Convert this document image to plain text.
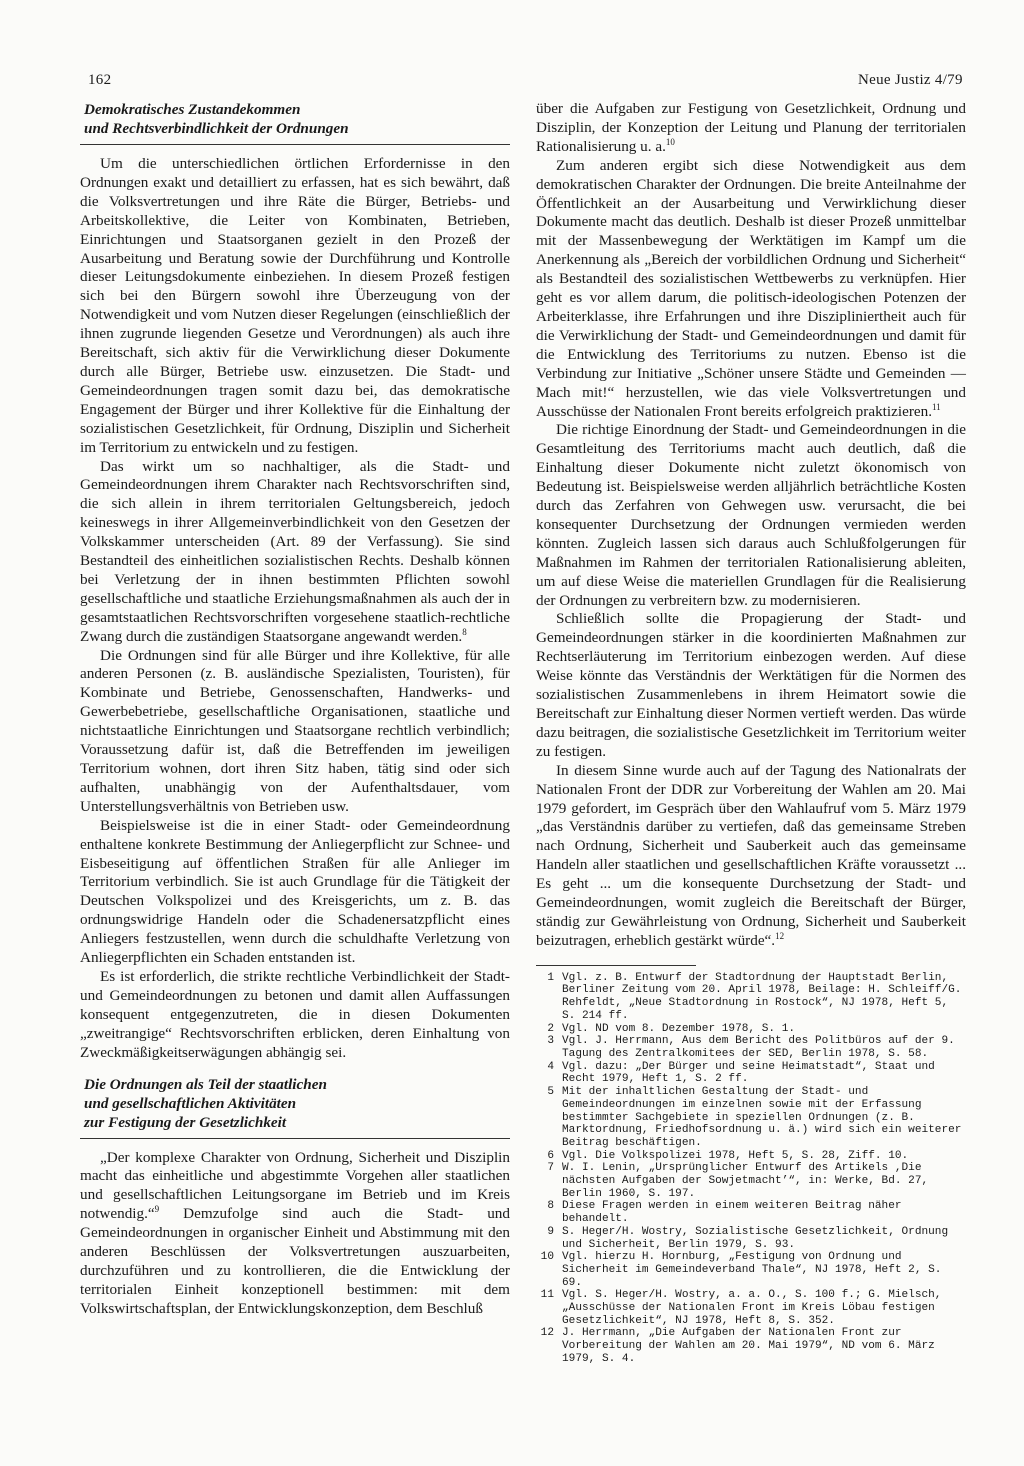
162	Neue Justiz 4/79
Demokratisches Zustandekommen
und Rechtsverbindlichkeit der Ordnungen

Um die unterschiedlichen örtlichen Erfordernisse in den Ordnungen exakt und detailliert zu erfassen, hat es sich bewährt, daß die Volksvertretungen und ihre Räte die Bürger, Betriebs- und Arbeitskollektive, die Leiter von Kombinaten, Betrieben, Einrichtungen und Staatsorganen gezielt in den Prozeß der Ausarbeitung und Beratung sowie der Durchführung und Kontrolle dieser Leitungsdokumente einbeziehen. In diesem Prozeß festigen sich bei den Bürgern sowohl ihre Überzeugung von der Notwendigkeit und vom Nutzen dieser Regelungen (einschließlich der ihnen zugrunde liegenden Gesetze und Verordnungen) als auch ihre Bereitschaft, sich aktiv für die Verwirklichung dieser Dokumente durch alle Bürger, Betriebe usw. einzusetzen. Die Stadt- und Gemeindeordnungen tragen somit dazu bei, das demokratische Engagement der Bürger und ihrer Kollektive für die Einhaltung der sozialistischen Gesetzlichkeit, für Ordnung, Disziplin und Sicherheit im Territorium zu entwickeln und zu festigen.

Das wirkt um so nachhaltiger, als die Stadt- und Gemeindeordnungen ihrem Charakter nach Rechtsvorschriften sind, die sich allein in ihrem territorialen Geltungsbereich, jedoch keineswegs in ihrer Allgemeinverbindlichkeit von den Gesetzen der Volkskammer unterscheiden (Art. 89 der Verfassung). Sie sind Bestandteil des einheitlichen sozialistischen Rechts. Deshalb können bei Verletzung der in ihnen bestimmten Pflichten sowohl gesellschaftliche und staatliche Erziehungsmaßnahmen als auch der in gesamtstaatlichen Rechtsvorschriften vorgesehene staatlich-rechtliche Zwang durch die zuständigen Staatsorgane angewandt werden.$^8$

Die Ordnungen sind für alle Bürger und ihre Kollektive, für alle anderen Personen (z. B. ausländische Spezialisten, Touristen), für Kombinate und Betriebe, Genossenschaften, Handwerks- und Gewerbebetriebe, gesellschaftliche Organisationen, staatliche und nichtstaatliche Einrichtungen und Staatsorgane rechtlich verbindlich; Voraussetzung dafür ist, daß die Betreffenden im jeweiligen Territorium wohnen, dort ihren Sitz haben, tätig sind oder sich aufhalten, unabhängig von der Aufenthaltsdauer, vom Unterstellungsverhältnis von Betrieben usw.

Beispielsweise ist die in einer Stadt- oder Gemeindeordnung enthaltene konkrete Bestimmung der Anliegerpflicht zur Schnee- und Eisbeseitigung auf öffentlichen Straßen für alle Anlieger im Territorium verbindlich. Sie ist auch Grundlage für die Tätigkeit der Deutschen Volkspolizei und des Kreisgerichts, um z. B. das ordnungswidrige Handeln oder die Schadenersatzpflicht eines Anliegers festzustellen, wenn durch die schuldhafte Verletzung von Anliegerpflichten ein Schaden entstanden ist.

Es ist erforderlich, die strikte rechtliche Verbindlichkeit der Stadt- und Gemeindeordnungen zu betonen und damit allen Auffassungen konsequent entgegenzutreten, die in diesen Dokumenten „zweitrangige“ Rechtsvorschriften erblicken, deren Einhaltung von Zweckmäßigkeitserwägungen abhängig sei.

Die Ordnungen als Teil der staatlichen
und gesellschaftlichen Aktivitäten
zur Festigung der Gesetzlichkeit

„Der komplexe Charakter von Ordnung, Sicherheit und Disziplin macht das einheitliche und abgestimmte Vorgehen aller staatlichen und gesellschaftlichen Leitungsorgane im Betrieb und im Kreis notwendig.“$^9$ Demzufolge sind auch die Stadt- und Gemeindeordnungen in organischer Einheit und Abstimmung mit den anderen Beschlüssen der Volksvertretungen auszuarbeiten, durchzuführen und zu kontrollieren, die die Entwicklung der territorialen Einheit konzeptionell bestimmen: mit dem Volkswirtschaftsplan, der Entwicklungskonzeption, dem Beschluß

über die Aufgaben zur Festigung von Gesetzlichkeit, Ordnung und Disziplin, der Konzeption der Leitung und Planung der territorialen Rationalisierung u. a.$^{10}$

Zum anderen ergibt sich diese Notwendigkeit aus dem demokratischen Charakter der Ordnungen. Die breite Anteilnahme der Öffentlichkeit an der Ausarbeitung und Verwirklichung dieser Dokumente macht das deutlich. Deshalb ist dieser Prozeß unmittelbar mit der Massenbewegung der Werktätigen im Kampf um die Anerkennung als „Bereich der vorbildlichen Ordnung und Sicherheit“ als Bestandteil des sozialistischen Wettbewerbs zu verknüpfen. Hier geht es vor allem darum, die politisch-ideologischen Potenzen der Arbeiterklasse, ihre Erfahrungen und ihre Diszipliniertheit auch für die Verwirklichung der Stadt- und Gemeindeordnungen und damit für die Entwicklung des Territoriums zu nutzen. Ebenso ist die Verbindung zur Initiative „Schöner unsere Städte und Gemeinden — Mach mit!“ herzustellen, wie das viele Volksvertretungen und Ausschüsse der Nationalen Front bereits erfolgreich praktizieren.$^{11}$

Die richtige Einordnung der Stadt- und Gemeindeordnungen in die Gesamtleitung des Territoriums macht auch deutlich, daß die Einhaltung dieser Dokumente nicht zuletzt ökonomisch von Bedeutung ist. Beispielsweise werden alljährlich beträchtliche Kosten durch das Zerfahren von Gehwegen usw. verursacht, die bei konsequenter Durchsetzung der Ordnungen vermieden werden könnten. Zugleich lassen sich daraus auch Schlußfolgerungen für Maßnahmen im Rahmen der territorialen Rationalisierung ableiten, um auf diese Weise die materiellen Grundlagen für die Realisierung der Ordnungen zu verbreitern bzw. zu modernisieren.

Schließlich sollte die Propagierung der Stadt- und Gemeindeordnungen stärker in die koordinierten Maßnahmen zur Rechtserläuterung im Territorium einbezogen werden. Auf diese Weise könnte das Verständnis der Werktätigen für die Normen des sozialistischen Zusammenlebens in ihrem Heimatort sowie die Bereitschaft zur Einhaltung dieser Normen vertieft werden. Das würde dazu beitragen, die sozialistische Gesetzlichkeit im Territorium weiter zu festigen.

In diesem Sinne wurde auch auf der Tagung des Nationalrats der Nationalen Front der DDR zur Vorbereitung der Wahlen am 20. Mai 1979 gefordert, im Gespräch über den Wahlaufruf vom 5. März 1979 „das Verständnis darüber zu vertiefen, daß das gemeinsame Streben nach Ordnung, Sicherheit und Sauberkeit auch das gemeinsame Handeln aller staatlichen und gesellschaftlichen Kräfte voraussetzt ... Es geht ... um die konsequente Durchsetzung der Stadt- und Gemeindeordnungen, womit zugleich die Bereitschaft der Bürger, ständig zur Gewährleistung von Ordnung, Sicherheit und Sauberkeit beizutragen, erheblich gestärkt würde“.$^{12}$

1 Vgl. z. B. Entwurf der Stadtordnung der Hauptstadt Berlin, Berliner Zeitung vom 20. April 1978, Beilage: H. Schleiff/G. Rehfeldt, „Neue Stadtordnung in Rostock“, NJ 1978, Heft 5, S. 214 ff.
2 Vgl. ND vom 8. Dezember 1978, S. 1.
3 Vgl. J. Herrmann, Aus dem Bericht des Politbüros auf der 9. Tagung des Zentralkomitees der SED, Berlin 1978, S. 58.
4 Vgl. dazu: „Der Bürger und seine Heimatstadt“, Staat und Recht 1979, Heft 1, S. 2 ff.
5 Mit der inhaltlichen Gestaltung der Stadt- und Gemeindeordnungen im einzelnen sowie mit der Erfassung bestimmter Sachgebiete in speziellen Ordnungen (z. B. Marktordnung, Friedhofsordnung u. ä.) wird sich ein weiterer Beitrag beschäftigen.
6 Vgl. Die Volkspolizei 1978, Heft 5, S. 28, Ziff. 10.
7 W. I. Lenin, „Ursprünglicher Entwurf des Artikels ,Die nächsten Aufgaben der Sowjetmacht’“, in: Werke, Bd. 27, Berlin 1960, S. 197.
8 Diese Fragen werden in einem weiteren Beitrag näher behandelt.
9 S. Heger/H. Wostry, Sozialistische Gesetzlichkeit, Ordnung und Sicherheit, Berlin 1979, S. 93.
10 Vgl. hierzu H. Hornburg, „Festigung von Ordnung und Sicherheit im Gemeindeverband Thale“, NJ 1978, Heft 2, S. 69.
11 Vgl. S. Heger/H. Wostry, a. a. O., S. 100 f.; G. Mielsch, „Ausschüsse der Nationalen Front im Kreis Löbau festigen Gesetzlichkeit“, NJ 1978, Heft 8, S. 352.
12 J. Herrmann, „Die Aufgaben der Nationalen Front zur Vorbereitung der Wahlen am 20. Mai 1979“, ND vom 6. März 1979, S. 4.
